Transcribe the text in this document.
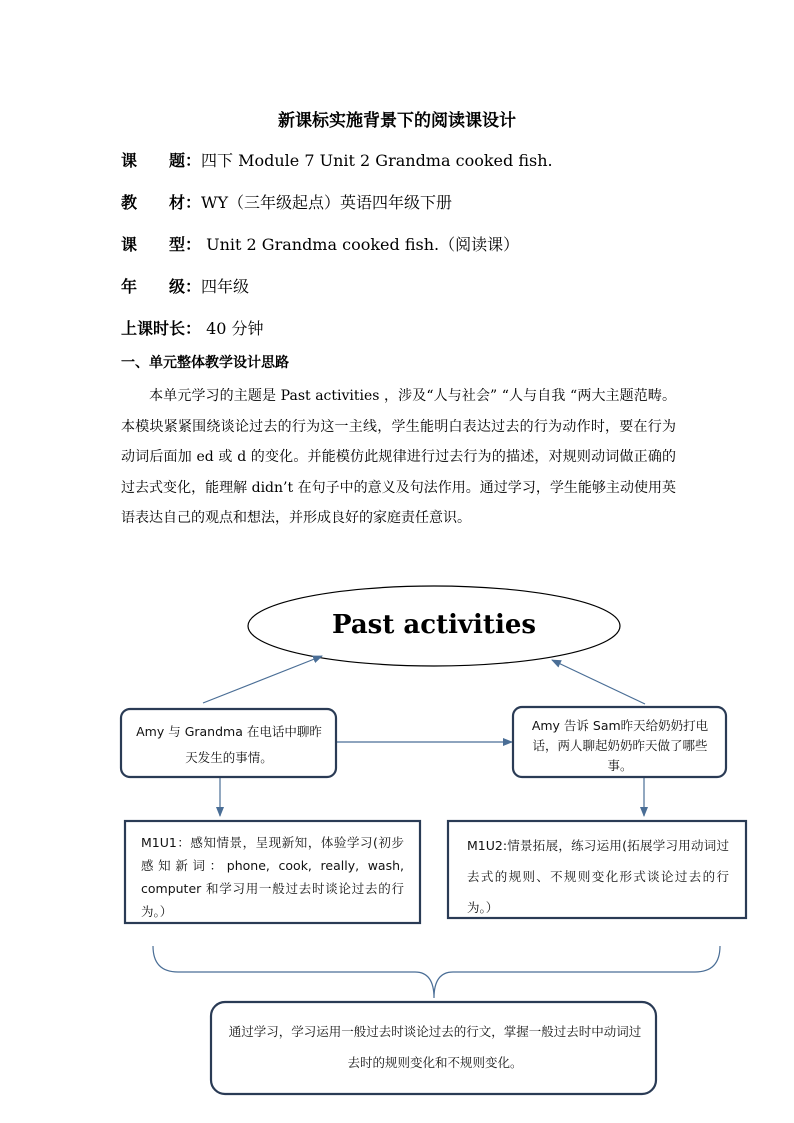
新课标实施背景下的阅读课设计
课　　题：四下 Module 7 Unit 2 Grandma cooked fish.
教　　材：WY（三年级起点）英语四年级下册
课　　型： Unit 2 Grandma cooked fish.（阅读课）
年　　级：四年级
上课时长： 40 分钟
一、单元整体教学设计思路
本单元学习的主题是 Past activities ，涉及“人与社会” “人与自我 “两大主题范畴。本模块紧紧围绕谈论过去的行为这一主线，学生能明白表达过去的行为动作时，要在行为动词后面加 ed 或 d 的变化。并能模仿此规律进行过去行为的描述，对规则动词做正确的过去式变化，能理解 didn’t 在句子中的意义及句法作用。通过学习，学生能够主动使用英语表达自己的观点和想法，并形成良好的家庭责任意识。
Past activities
Amy 与 Grandma 在电话中聊昨天发生的事情。
Amy 告诉 Sam昨天给奶奶打电话，两人聊起奶奶昨天做了哪些事。
M1U1：感知情景，呈现新知，体验学习(初步感知新词：phone, cook, really, wash, computer 和学习用一般过去时谈论过去的行为。）
M1U2:情景拓展，练习运用(拓展学习用动词过去式的规则、不规则变化形式谈论过去的行为。）
通过学习，学习运用一般过去时谈论过去的行文，掌握一般过去时中动词过去时的规则变化和不规则变化。
